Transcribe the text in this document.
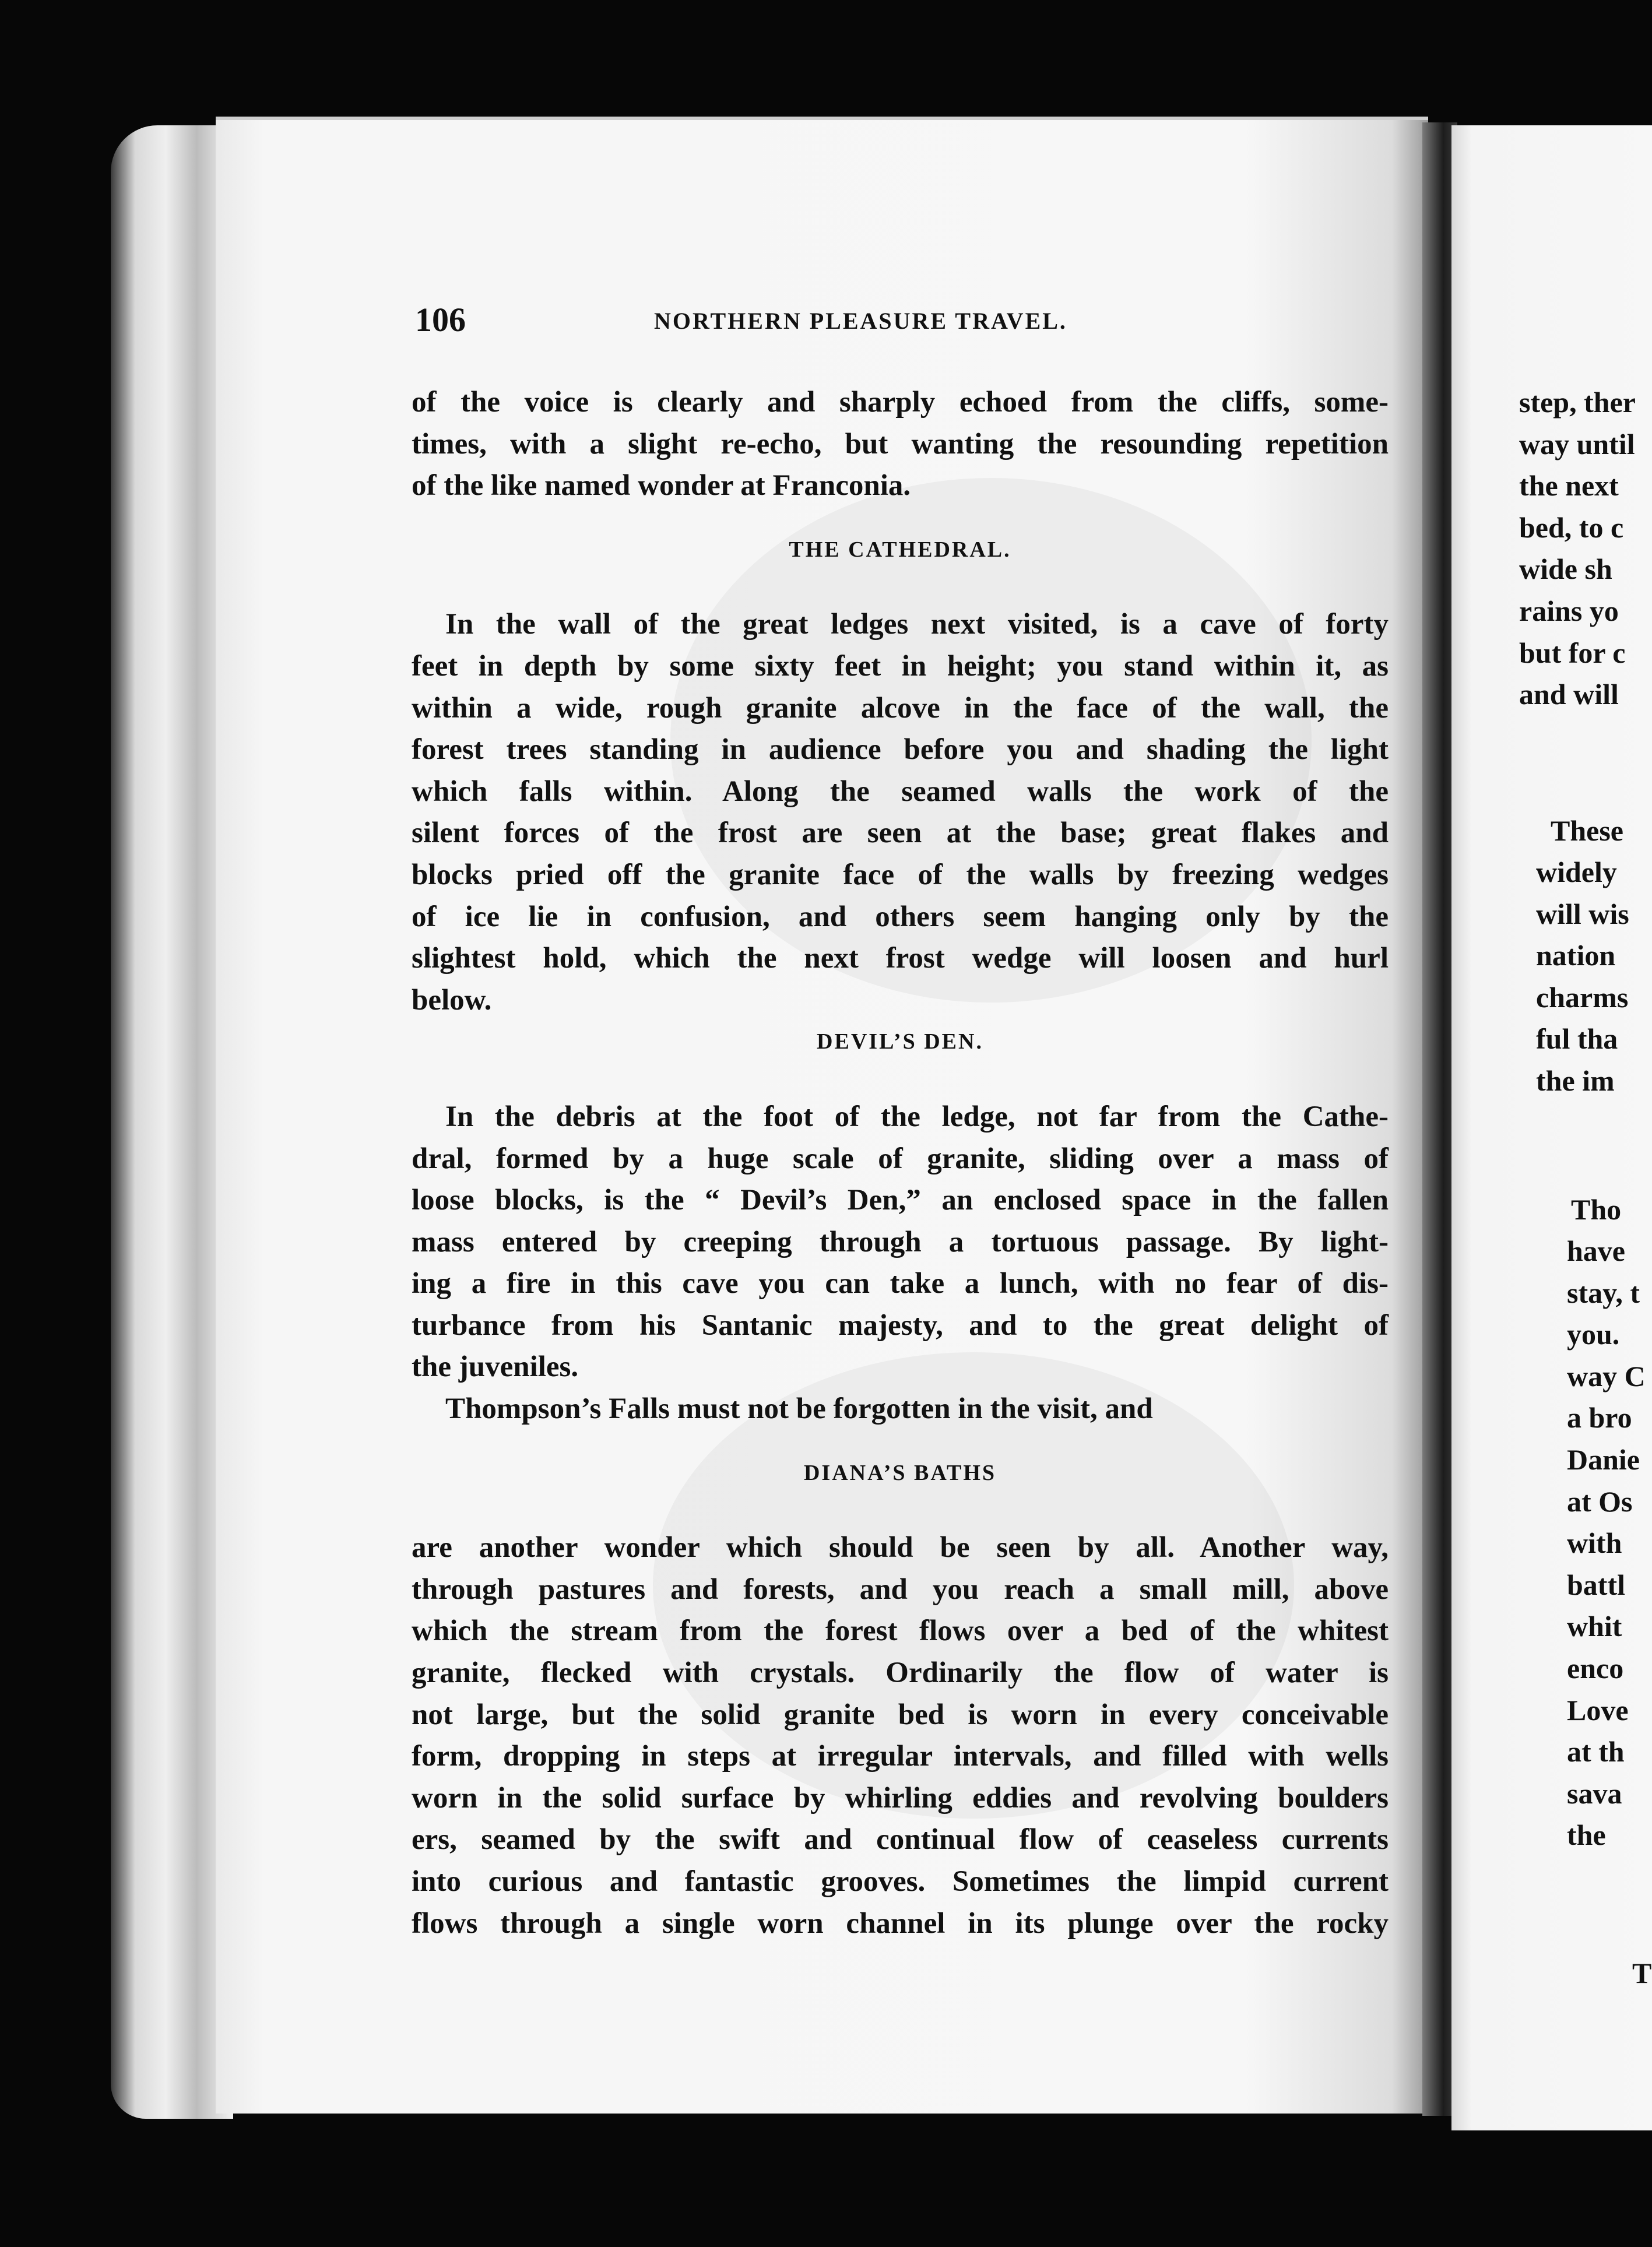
106	NORTHERN PLEASURE TRAVEL.
of the voice is clearly and sharply echoed from the cliffs, some-
times, with a slight re-echo, but wanting the resounding repetition
of the like named wonder at Franconia.
THE CATHEDRAL.
In the wall of the great ledges next visited, is a cave of forty
feet in depth by some sixty feet in height; you stand within it, as
within a wide, rough granite alcove in the face of the wall, the
forest trees standing in audience before you and shading the light
which falls within. Along the seamed walls the work of the
silent forces of the frost are seen at the base; great flakes and
blocks pried off the granite face of the walls by freezing wedges
of ice lie in confusion, and others seem hanging only by the
slightest hold, which the next frost wedge will loosen and hurl
below.
DEVIL’S DEN.
In the debris at the foot of the ledge, not far from the Cathe-
dral, formed by a huge scale of granite, sliding over a mass of
loose blocks, is the “ Devil’s Den,” an enclosed space in the fallen
mass entered by creeping through a tortuous passage. By light-
ing a fire in this cave you can take a lunch, with no fear of dis-
turbance from his Santanic majesty, and to the great delight of
the juveniles.
Thompson’s Falls must not be forgotten in the visit, and
DIANA’S BATHS
are another wonder which should be seen by all. Another way,
through pastures and forests, and you reach a small mill, above
which the stream from the forest flows over a bed of the whitest
granite, flecked with crystals. Ordinarily the flow of water is
not large, but the solid granite bed is worn in every conceivable
form, dropping in steps at irregular intervals, and filled with wells
worn in the solid surface by whirling eddies and revolving boulders
ers, seamed by the swift and continual flow of ceaseless currents
into curious and fantastic grooves. Sometimes the limpid current
flows through a single worn channel in its plunge over the rocky
step, ther
way until
the next
bed, to c
wide sh
rains yo
but for c
and will
These
widely
will wis
nation
charms
ful tha
the im
Tho
have
stay, t
you.
way C
a bro
Danie
at Os
with
battl
whit
enco
Love
at th
sava
the
T
